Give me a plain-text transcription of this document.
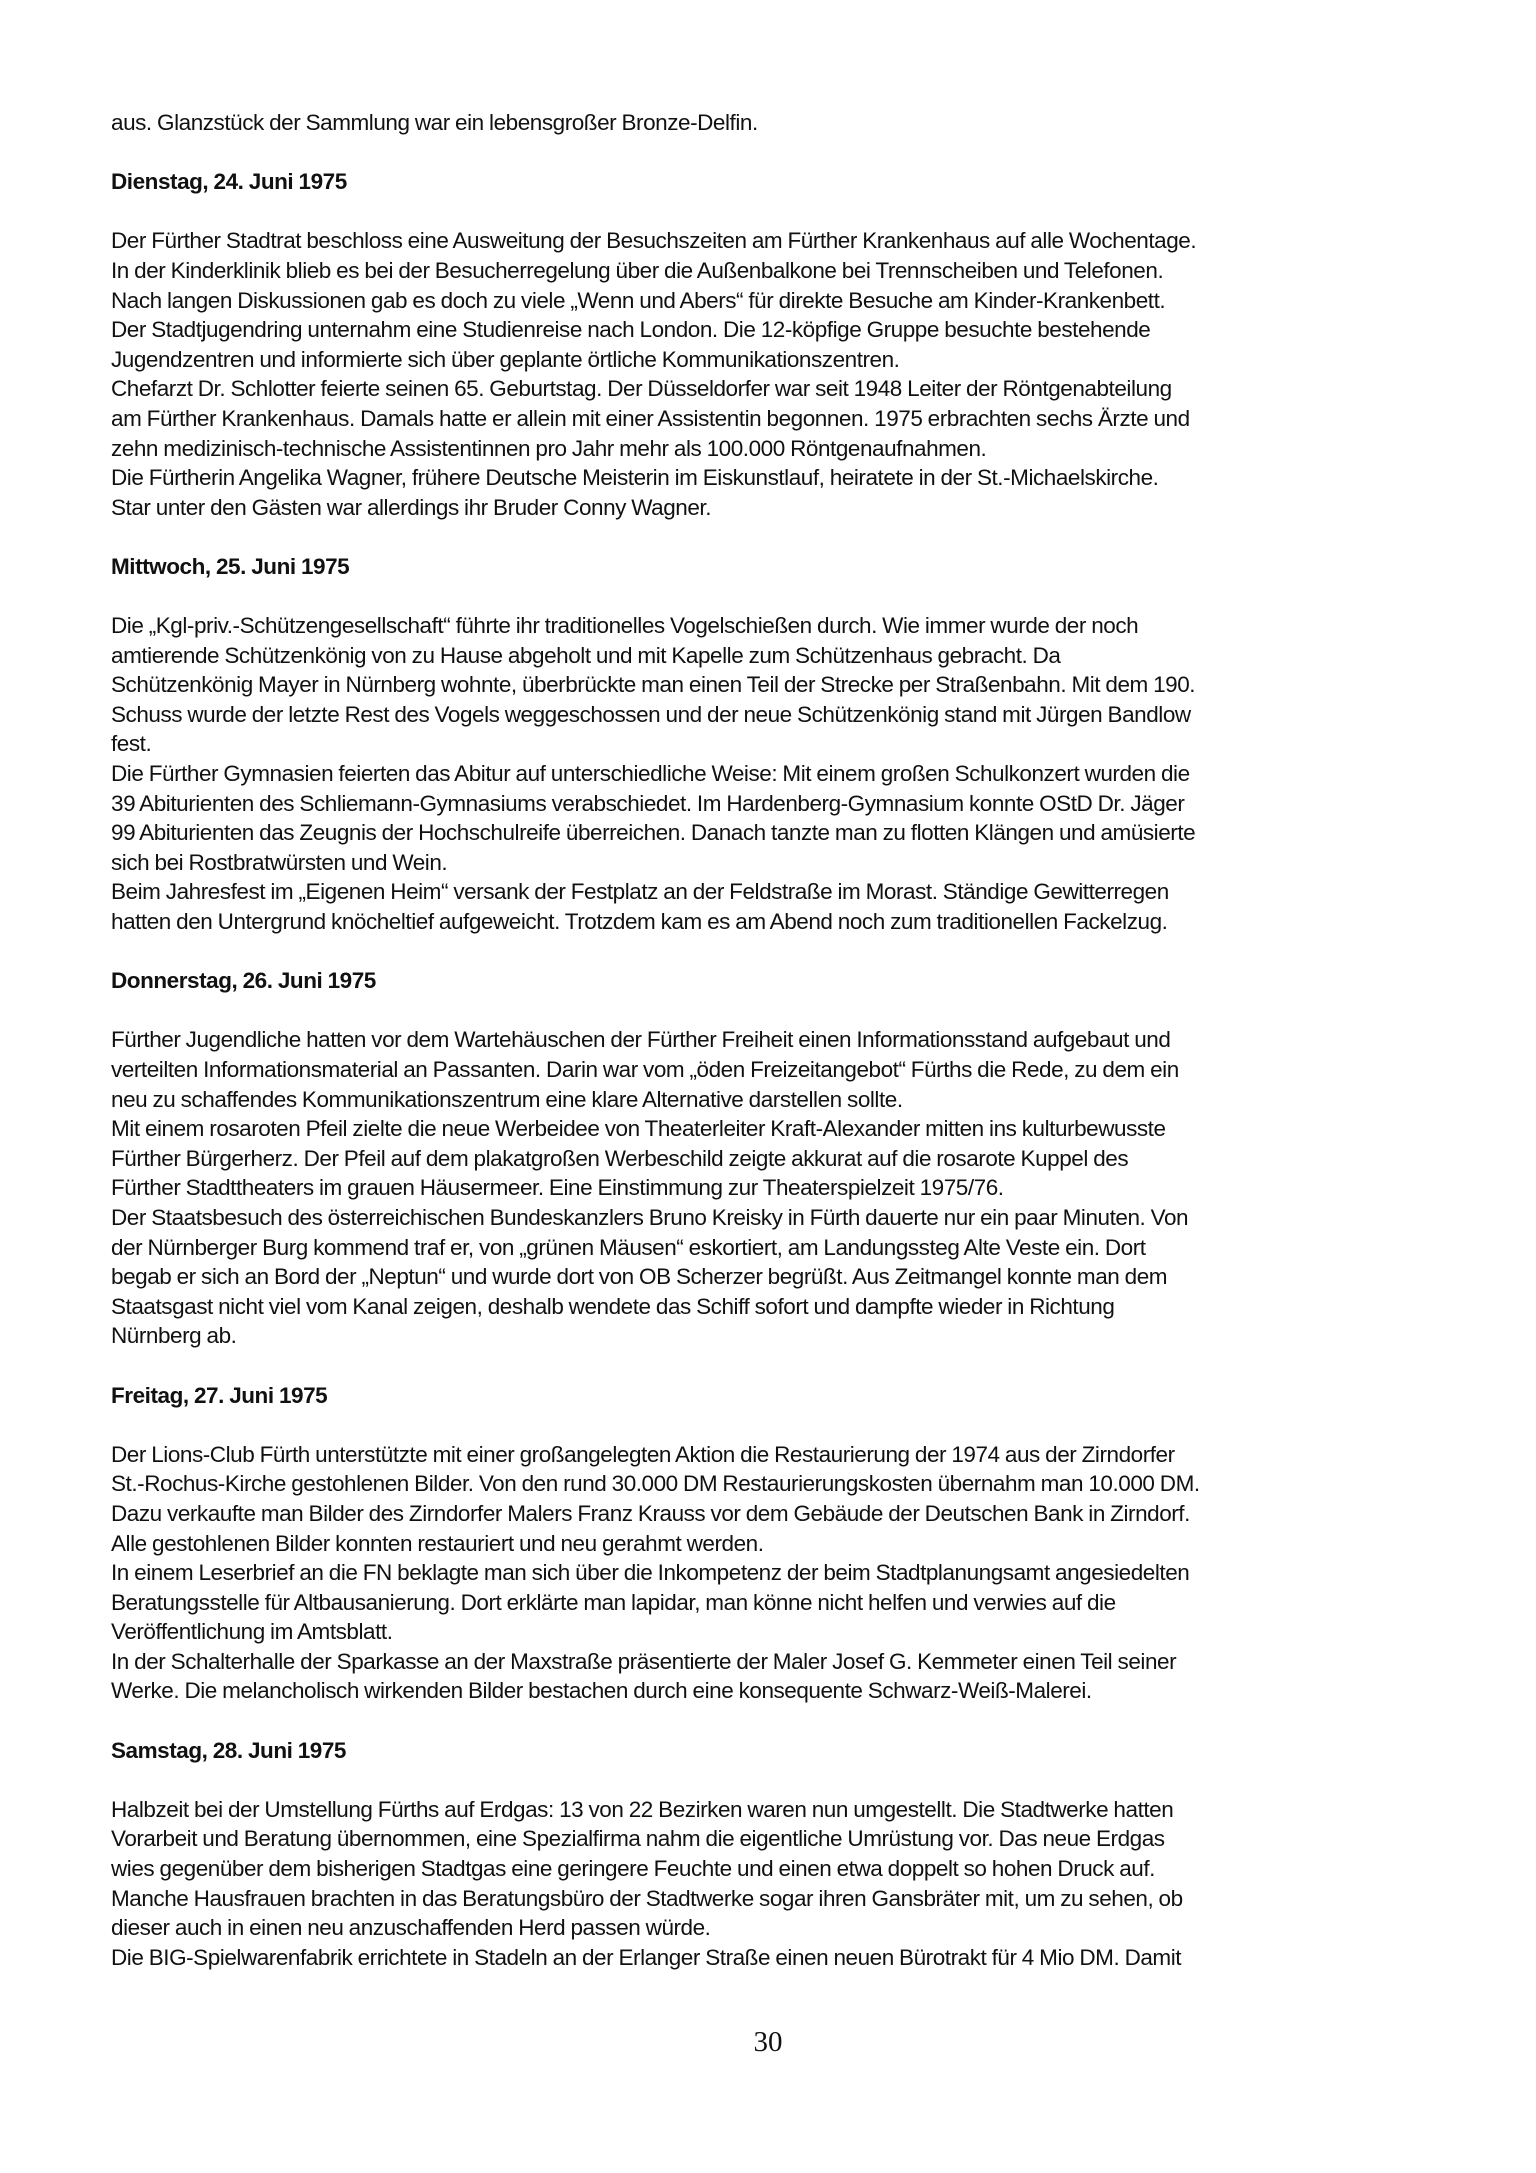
aus. Glanzstück der Sammlung war ein lebensgroßer Bronze-Delfin.
Dienstag, 24. Juni 1975
Der Fürther Stadtrat beschloss eine Ausweitung der Besuchszeiten am Fürther Krankenhaus auf alle Wochentage.
In der Kinderklinik blieb es bei der Besucherregelung über die Außenbalkone bei Trennscheiben und Telefonen.
Nach langen Diskussionen gab es doch zu viele „Wenn und Abers“ für direkte Besuche am Kinder-Krankenbett.
Der Stadtjugendring unternahm eine Studienreise nach London. Die 12-köpfige Gruppe besuchte bestehende
Jugendzentren und informierte sich über geplante örtliche Kommunikationszentren.
Chefarzt Dr. Schlotter feierte seinen 65. Geburtstag. Der Düsseldorfer war seit 1948 Leiter der Röntgenabteilung
am Fürther Krankenhaus. Damals hatte er allein mit einer Assistentin begonnen. 1975 erbrachten sechs Ärzte und
zehn medizinisch-technische Assistentinnen pro Jahr mehr als 100.000 Röntgenaufnahmen.
Die Fürtherin Angelika Wagner, frühere Deutsche Meisterin im Eiskunstlauf, heiratete in der St.-Michaelskirche.
Star unter den Gästen war allerdings ihr Bruder Conny Wagner.
Mittwoch, 25. Juni 1975
Die „Kgl-priv.-Schützengesellschaft“ führte ihr traditionelles Vogelschießen durch. Wie immer wurde der noch
amtierende Schützenkönig von zu Hause abgeholt und mit Kapelle zum Schützenhaus gebracht. Da
Schützenkönig Mayer in Nürnberg wohnte, überbrückte man einen Teil der Strecke per Straßenbahn. Mit dem 190.
Schuss wurde der letzte Rest des Vogels weggeschossen und der neue Schützenkönig stand mit Jürgen Bandlow
fest.
Die Fürther Gymnasien feierten das Abitur auf unterschiedliche Weise: Mit einem großen Schulkonzert wurden die
39 Abiturienten des Schliemann-Gymnasiums verabschiedet. Im Hardenberg-Gymnasium konnte OStD Dr. Jäger
99 Abiturienten das Zeugnis der Hochschulreife überreichen. Danach tanzte man zu flotten Klängen und amüsierte
sich bei Rostbratwürsten und Wein.
Beim Jahresfest im „Eigenen Heim“ versank der Festplatz an der Feldstraße im Morast. Ständige Gewitterregen
hatten den Untergrund knöcheltief aufgeweicht. Trotzdem kam es am Abend noch zum traditionellen Fackelzug.
Donnerstag, 26. Juni 1975
Fürther Jugendliche hatten vor dem Wartehäuschen der Fürther Freiheit einen Informationsstand aufgebaut und
verteilten Informationsmaterial an Passanten. Darin war vom „öden Freizeitangebot“ Fürths die Rede, zu dem ein
neu zu schaffendes Kommunikationszentrum eine klare Alternative darstellen sollte.
Mit einem rosaroten Pfeil zielte die neue Werbeidee von Theaterleiter Kraft-Alexander mitten ins kulturbewusste
Fürther Bürgerherz. Der Pfeil auf dem plakatgroßen Werbeschild zeigte akkurat auf die rosarote Kuppel des
Fürther Stadttheaters im grauen Häusermeer. Eine Einstimmung zur Theaterspielzeit 1975/76.
Der Staatsbesuch des österreichischen Bundeskanzlers Bruno Kreisky in Fürth dauerte nur ein paar Minuten. Von
der Nürnberger Burg kommend traf er, von „grünen Mäusen“ eskortiert, am Landungssteg Alte Veste ein. Dort
begab er sich an Bord der „Neptun“ und wurde dort von OB Scherzer begrüßt. Aus Zeitmangel konnte man dem
Staatsgast nicht viel vom Kanal zeigen, deshalb wendete das Schiff sofort und dampfte wieder in Richtung
Nürnberg ab.
Freitag, 27. Juni 1975
Der Lions-Club Fürth unterstützte mit einer großangelegten Aktion die Restaurierung der 1974 aus der Zirndorfer
St.-Rochus-Kirche gestohlenen Bilder. Von den rund 30.000 DM Restaurierungskosten übernahm man 10.000 DM.
Dazu verkaufte man Bilder des Zirndorfer Malers Franz Krauss vor dem Gebäude der Deutschen Bank in Zirndorf.
Alle gestohlenen Bilder konnten restauriert und neu gerahmt werden.
In einem Leserbrief an die FN beklagte man sich über die Inkompetenz der beim Stadtplanungsamt angesiedelten
Beratungsstelle für Altbausanierung. Dort erklärte man lapidar, man könne nicht helfen und verwies auf die
Veröffentlichung im Amtsblatt.
In der Schalterhalle der Sparkasse an der Maxstraße präsentierte der Maler Josef G. Kemmeter einen Teil seiner
Werke. Die melancholisch wirkenden Bilder bestachen durch eine konsequente Schwarz-Weiß-Malerei.
Samstag, 28. Juni 1975
Halbzeit bei der Umstellung Fürths auf Erdgas: 13 von 22 Bezirken waren nun umgestellt. Die Stadtwerke hatten
Vorarbeit und Beratung übernommen, eine Spezialfirma nahm die eigentliche Umrüstung vor. Das neue Erdgas
wies gegenüber dem bisherigen Stadtgas eine geringere Feuchte und einen etwa doppelt so hohen Druck auf.
Manche Hausfrauen brachten in das Beratungsbüro der Stadtwerke sogar ihren Gansbräter mit, um zu sehen, ob
dieser auch in einen neu anzuschaffenden Herd passen würde.
Die BIG-Spielwarenfabrik errichtete in Stadeln an der Erlanger Straße einen neuen Bürotrakt für 4 Mio DM. Damit
30
